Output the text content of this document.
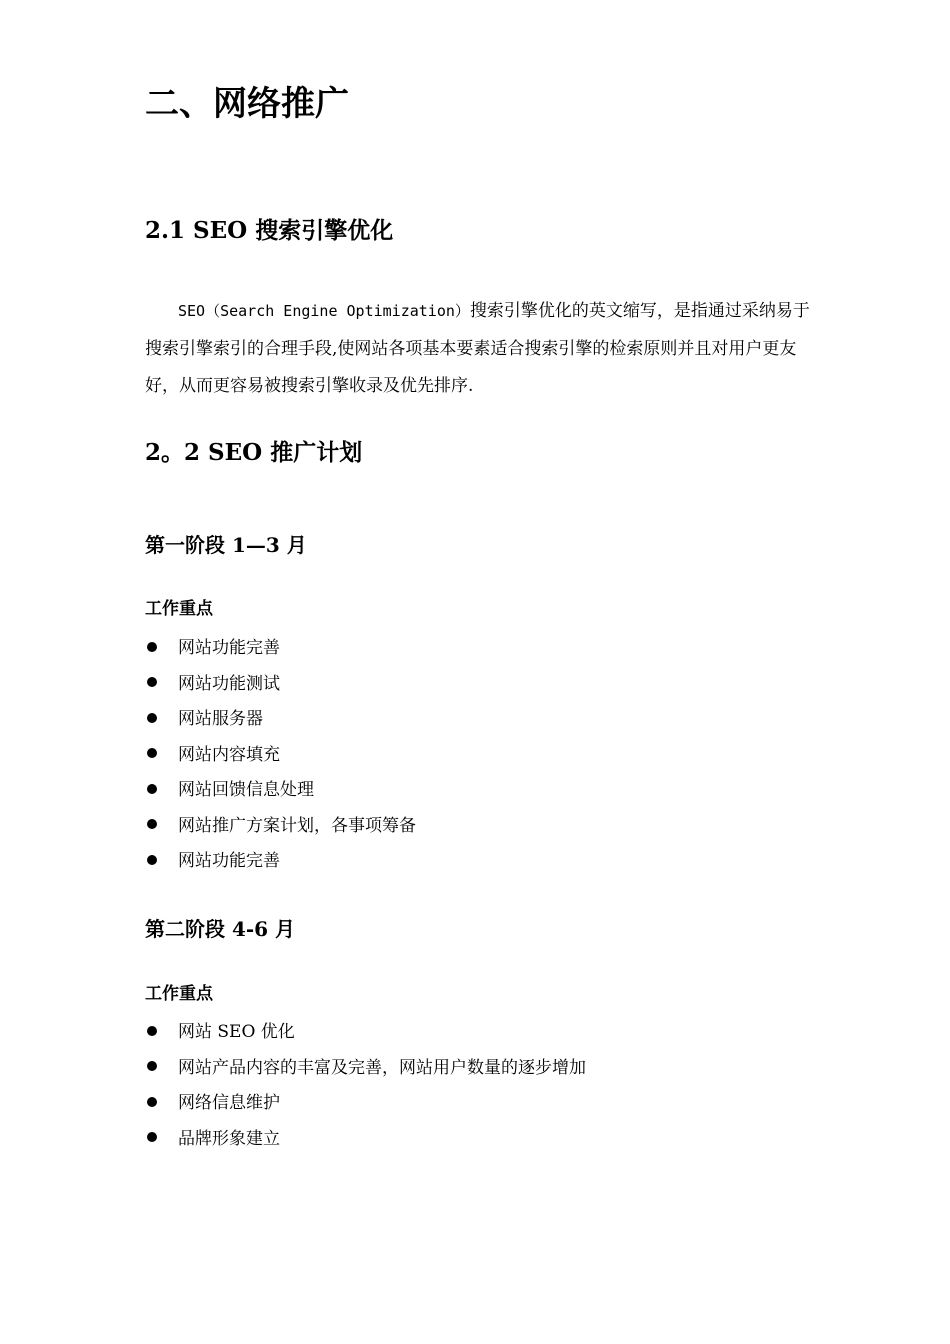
二、网络推广
2.1 SEO 搜索引擎优化

SEO（Search Engine Optimization）搜索引擎优化的英文缩写，是指通过采纳易于搜索引擎索引的合理手段,使网站各项基本要素适合搜索引擎的检索原则并且对用户更友好，从而更容易被搜索引擎收录及优先排序.

2。2 SEO 推广计划
第一阶段 1—3 月
工作重点
网站功能完善
网站功能测试
网站服务器
网站内容填充
网站回馈信息处理
网站推广方案计划，各事项筹备
网站功能完善
第二阶段 4-6 月
工作重点
网站 SEO 优化
网站产品内容的丰富及完善，网站用户数量的逐步增加
网络信息维护
品牌形象建立
